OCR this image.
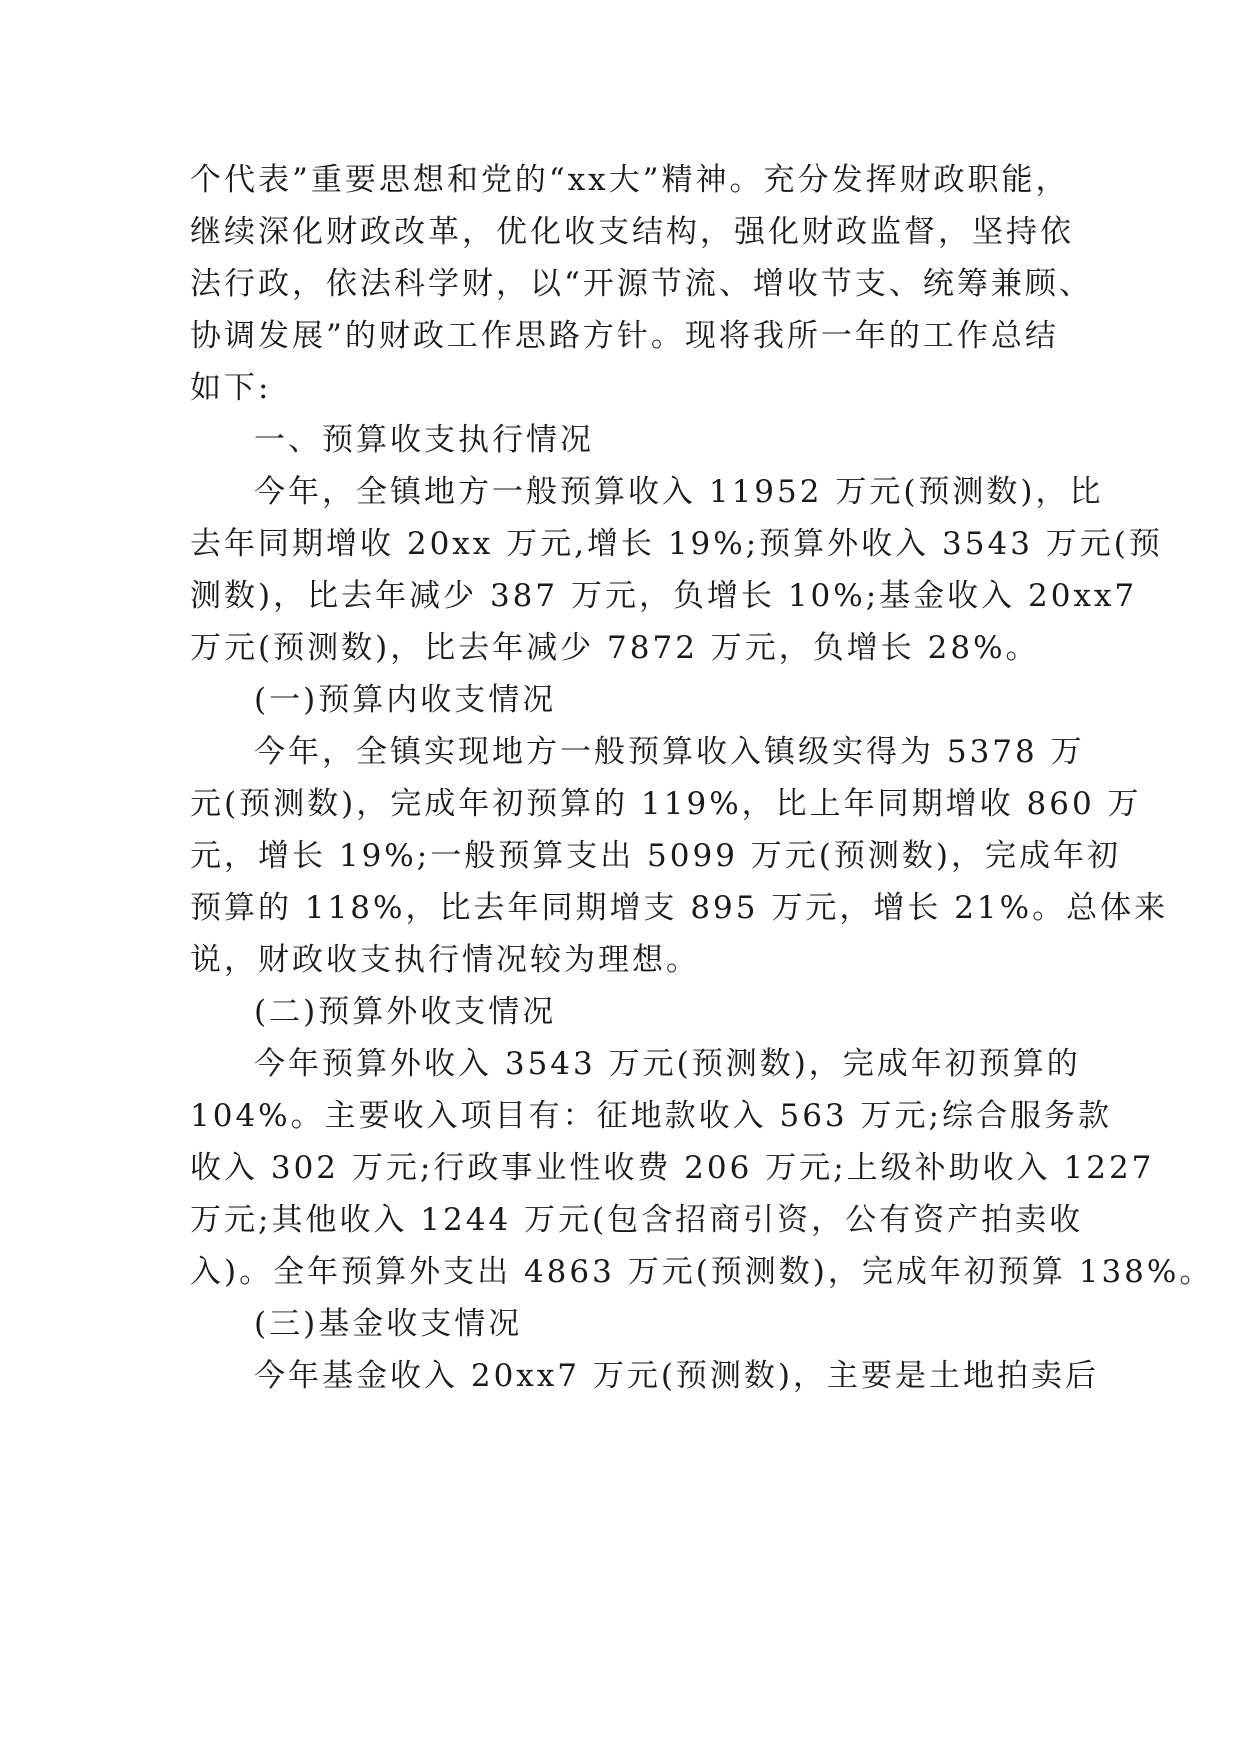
个代表”重要思想和党的“xx大”精神。充分发挥财政职能，
继续深化财政改革，优化收支结构，强化财政监督，坚持依
法行政，依法科学财，以“开源节流、增收节支、统筹兼顾、
协调发展”的财政工作思路方针。现将我所一年的工作总结
如下:
一、预算收支执行情况
今年，全镇地方一般预算收入 11952 万元(预测数)，比
去年同期增收 20xx 万元,增长 19%;预算外收入 3543 万元(预
测数)，比去年减少 387 万元，负增长 10%;基金收入 20xx7
万元(预测数)，比去年减少 7872 万元，负增长 28%。
(一)预算内收支情况
今年，全镇实现地方一般预算收入镇级实得为 5378 万
元(预测数)，完成年初预算的 119%，比上年同期增收 860 万
元，增长 19%;一般预算支出 5099 万元(预测数)，完成年初
预算的 118%，比去年同期增支 895 万元，增长 21%。总体来
说，财政收支执行情况较为理想。
(二)预算外收支情况
今年预算外收入 3543 万元(预测数)，完成年初预算的
104%。主要收入项目有：征地款收入 563 万元;综合服务款
收入 302 万元;行政事业性收费 206 万元;上级补助收入 1227
万元;其他收入 1244 万元(包含招商引资，公有资产拍卖收
入)。全年预算外支出 4863 万元(预测数)，完成年初预算 138%。
(三)基金收支情况
今年基金收入 20xx7 万元(预测数)，主要是土地拍卖后
